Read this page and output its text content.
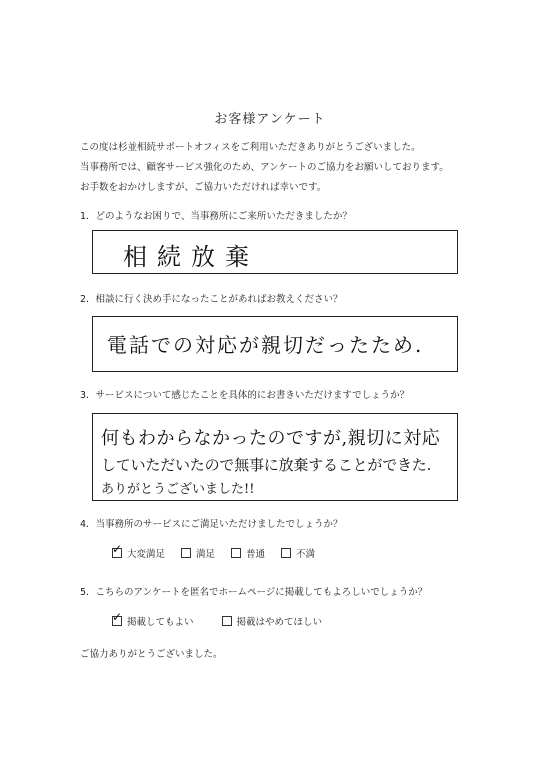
お客様アンケート
この度は杉並相続サポートオフィスをご利用いただきありがとうございました。
当事務所では、顧客サービス強化のため、アンケートのご協力をお願いしております。
お手数をおかけしますが、ご協力いただければ幸いです。
1．どのようなお困りで、当事務所にご来所いただきましたか？
相続放棄
2．相談に行く決め手になったことがあればお教えください？
電話での対応が親切だったため.
3．サービスについて感じたことを具体的にお書きいただけますでしょうか？
何もわからなかったのですが,親切に対応
していただいたので無事に放棄することができた.
ありがとうございました!!
4．当事務所のサービスにご満足いただけましたでしょうか？
✓ 大変満足	満足	普通	不満
5．こちらのアンケートを匿名でホームページに掲載してもよろしいでしょうか？
✓ 掲載してもよい	掲載はやめてほしい
ご協力ありがとうございました。
